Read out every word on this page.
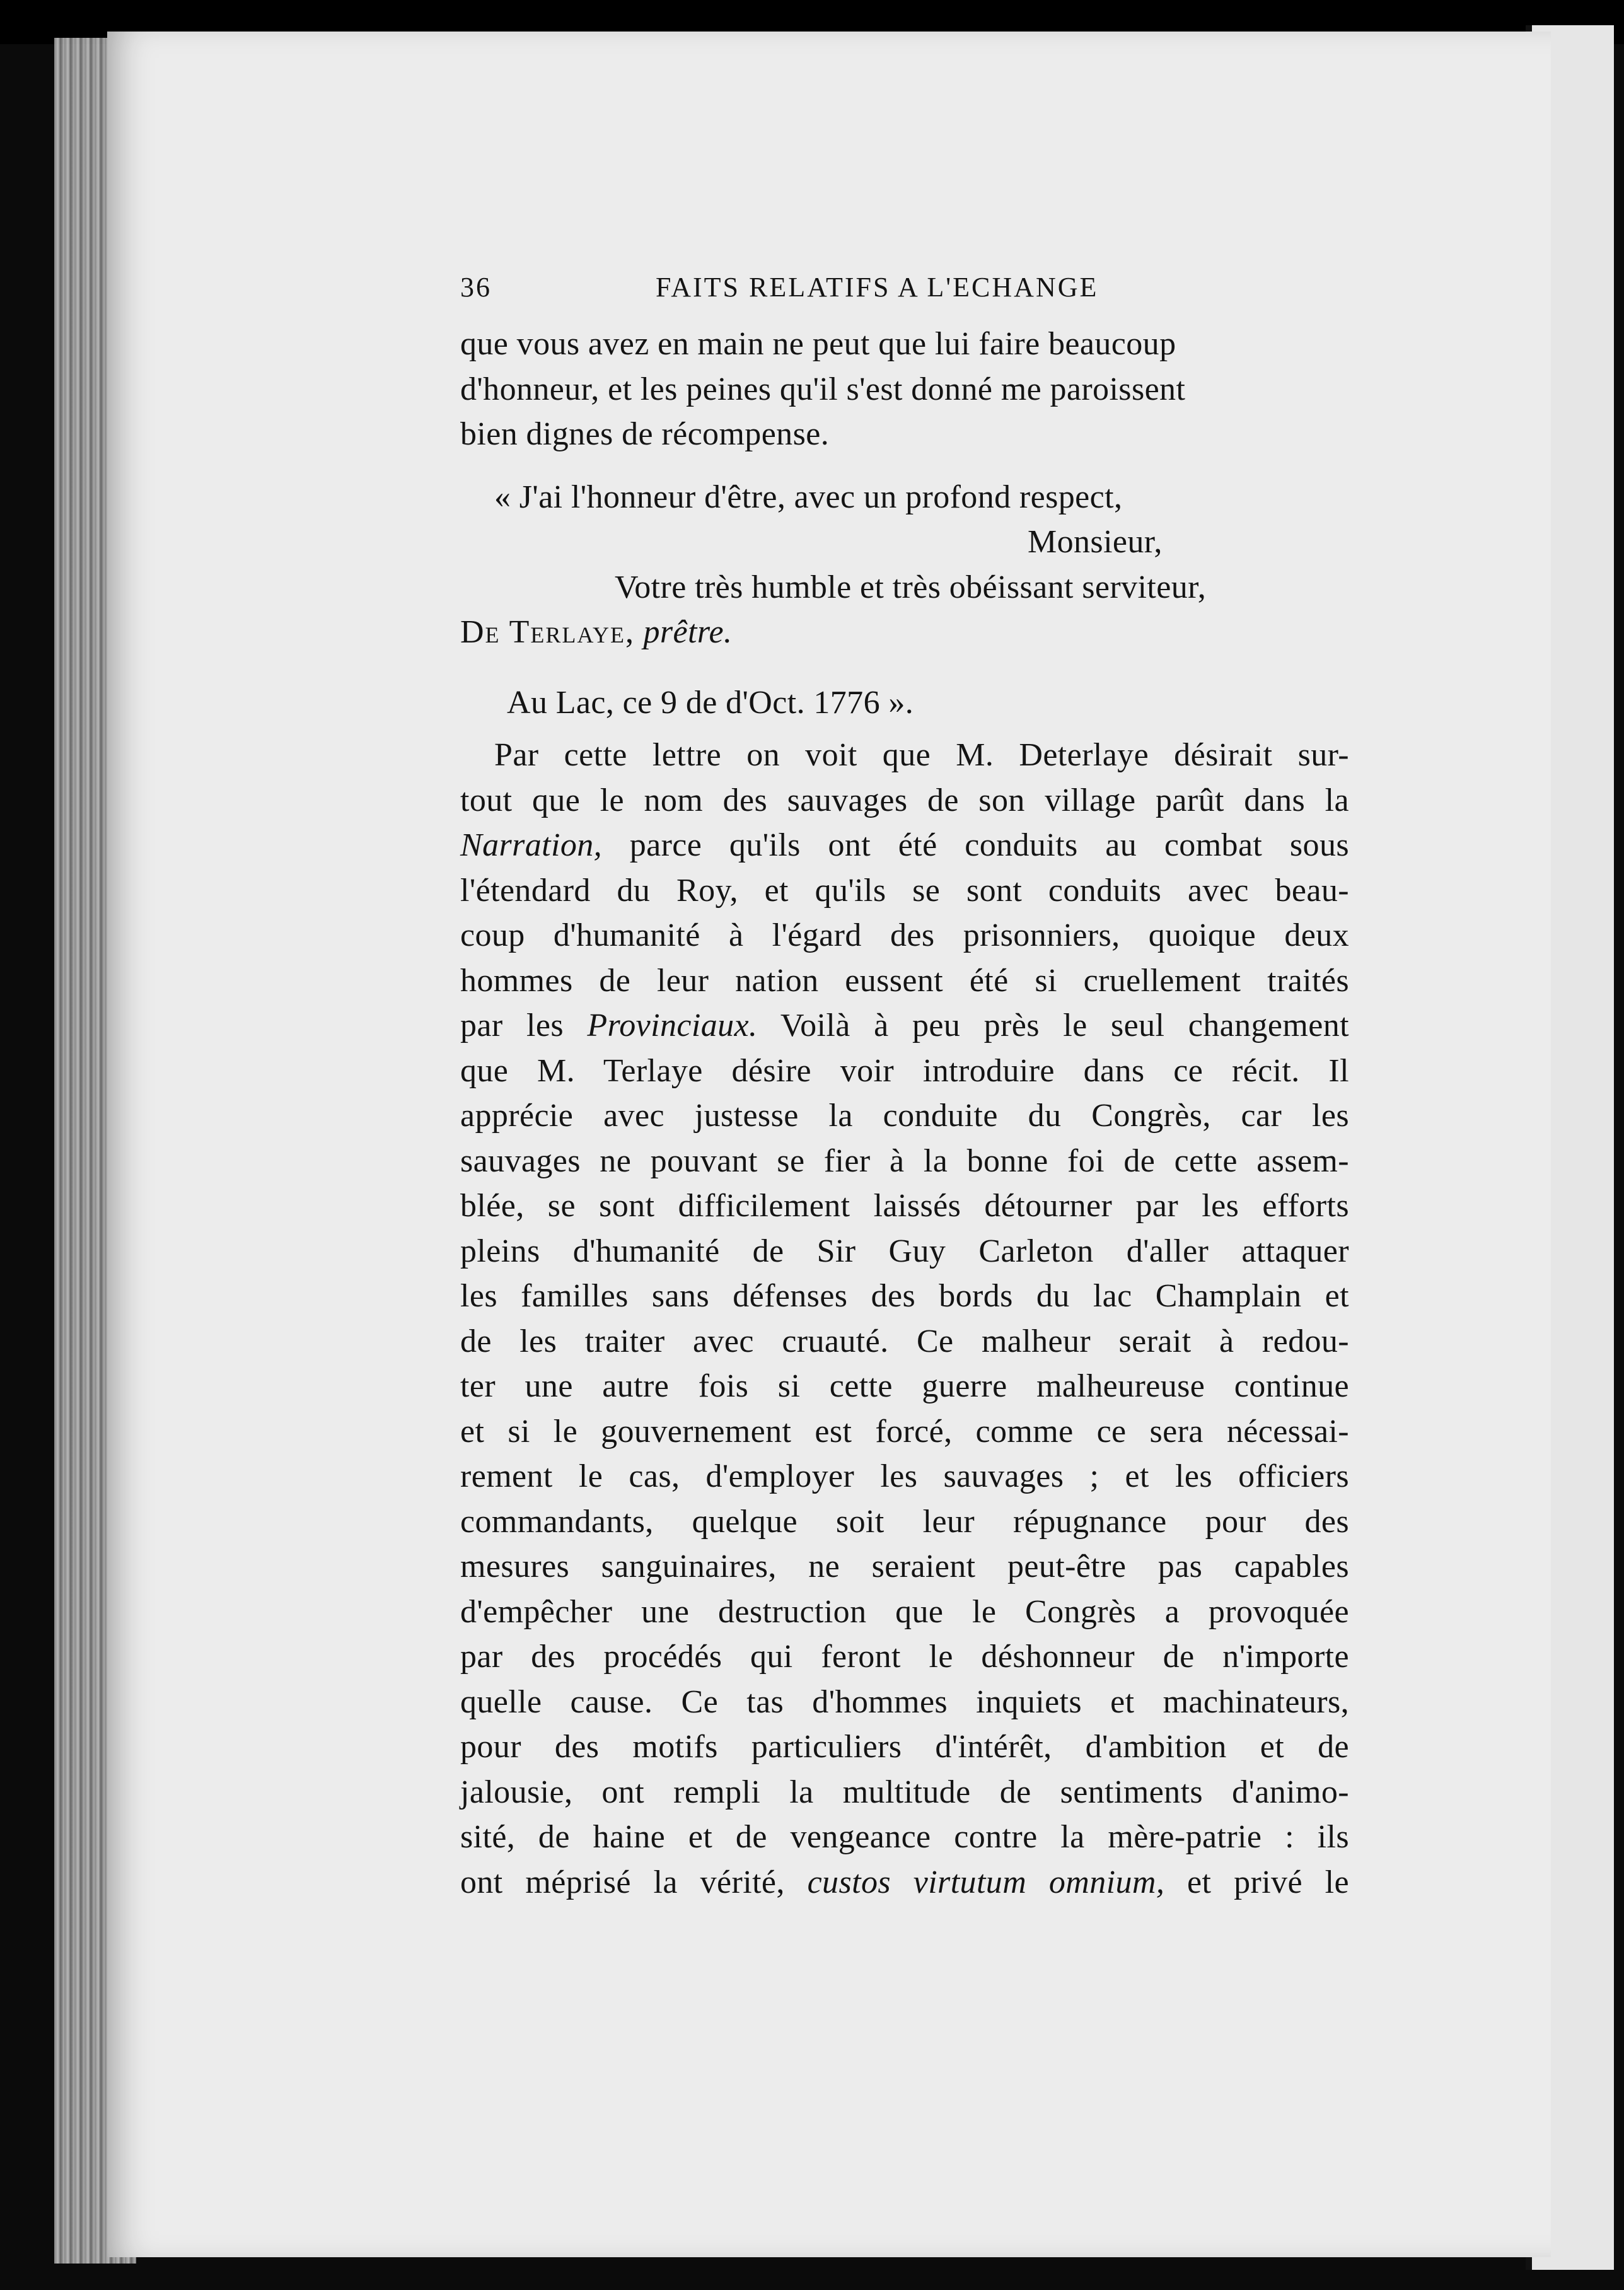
36	FAITS RELATIFS A L'ECHANGE
que vous avez en main ne peut que lui faire beaucoup
d'honneur, et les peines qu'il s'est donné me paroissent
bien dignes de récompense.
« J'ai l'honneur d'être, avec un profond respect,
Monsieur,
Votre très humble et très obéissant serviteur,
De Terlaye, prêtre.
Au Lac, ce 9 de d'Oct. 1776 ».
Par cette lettre on voit que M. Deterlaye désirait sur-
tout que le nom des sauvages de son village parût dans la
Narration, parce qu'ils ont été conduits au combat sous
l'étendard du Roy, et qu'ils se sont conduits avec beau-
coup d'humanité à l'égard des prisonniers, quoique deux
hommes de leur nation eussent été si cruellement traités
par les Provinciaux. Voilà à peu près le seul changement
que M. Terlaye désire voir introduire dans ce récit. Il
apprécie avec justesse la conduite du Congrès, car les
sauvages ne pouvant se fier à la bonne foi de cette assem-
blée, se sont difficilement laissés détourner par les efforts
pleins d'humanité de Sir Guy Carleton d'aller attaquer
les familles sans défenses des bords du lac Champlain et
de les traiter avec cruauté. Ce malheur serait à redou-
ter une autre fois si cette guerre malheureuse continue
et si le gouvernement est forcé, comme ce sera nécessai-
rement le cas, d'employer les sauvages ; et les officiers
commandants, quelque soit leur répugnance pour des
mesures sanguinaires, ne seraient peut-être pas capables
d'empêcher une destruction que le Congrès a provoquée
par des procédés qui feront le déshonneur de n'importe
quelle cause. Ce tas d'hommes inquiets et machinateurs,
pour des motifs particuliers d'intérêt, d'ambition et de
jalousie, ont rempli la multitude de sentiments d'animo-
sité, de haine et de vengeance contre la mère-patrie : ils
ont méprisé la vérité, custos virtutum omnium, et privé le
